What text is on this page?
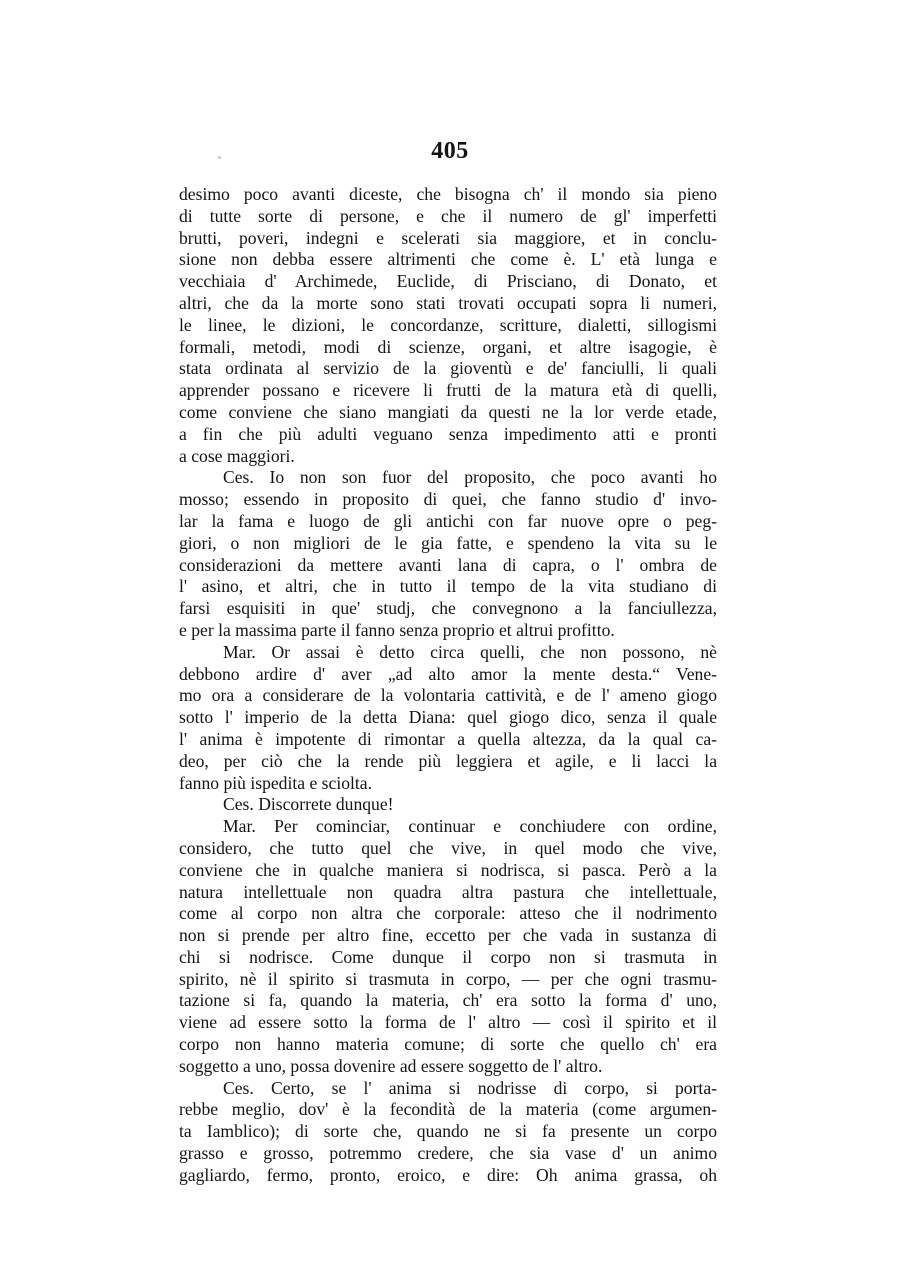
405
desimo poco avanti diceste, che bisogna ch' il mondo sia pieno
di tutte sorte di persone, e che il numero de gl' imperfetti
brutti, poveri, indegni e scelerati sia maggiore, et in conclu-
sione non debba essere altrimenti che come è. L' età lunga e
vecchiaia d' Archimede, Euclide, di Prisciano, di Donato, et
altri, che da la morte sono stati trovati occupati sopra li numeri,
le linee, le dizioni, le concordanze, scritture, dialetti, sillogismi
formali, metodi, modi di scienze, organi, et altre isagogie, è
stata ordinata al servizio de la gioventù e de' fanciulli, li quali
apprender possano e ricevere li frutti de la matura età di quelli,
come conviene che siano mangiati da questi ne la lor verde etade,
a fin che più adulti veguano senza impedimento atti e pronti
a cose maggiori.
Ces. Io non son fuor del proposito, che poco avanti ho
mosso; essendo in proposito di quei, che fanno studio d' invo-
lar la fama e luogo de gli antichi con far nuove opre o peg-
giori, o non migliori de le gia fatte, e spendeno la vita su le
considerazioni da mettere avanti lana di capra, o l' ombra de
l' asino, et altri, che in tutto il tempo de la vita studiano di
farsi esquisiti in que' studj, che convegnono a la fanciullezza,
e per la massima parte il fanno senza proprio et altrui profitto.
Mar. Or assai è detto circa quelli, che non possono, nè
debbono ardire d' aver „ad alto amor la mente desta.“ Vene-
mo ora a considerare de la volontaria cattività, e de l' ameno giogo
sotto l' imperio de la detta Diana: quel giogo dico, senza il quale
l' anima è impotente di rimontar a quella altezza, da la qual ca-
deo, per ciò che la rende più leggiera et agile, e li lacci la
fanno più ispedita e sciolta.
Ces. Discorrete dunque!
Mar. Per cominciar, continuar e conchiudere con ordine,
considero, che tutto quel che vive, in quel modo che vive,
conviene che in qualche maniera si nodrisca, si pasca. Però a la
natura intellettuale non quadra altra pastura che intellettuale,
come al corpo non altra che corporale: atteso che il nodrimento
non si prende per altro fine, eccetto per che vada in sustanza di
chi si nodrisce. Come dunque il corpo non si trasmuta in
spirito, nè il spirito si trasmuta in corpo, — per che ogni trasmu-
tazione si fa, quando la materia, ch' era sotto la forma d' uno,
viene ad essere sotto la forma de l' altro — così il spirito et il
corpo non hanno materia comune; di sorte che quello ch' era
soggetto a uno, possa dovenire ad essere soggetto de l' altro.
Ces. Certo, se l' anima si nodrisse di corpo, si porta-
rebbe meglio, dov' è la fecondità de la materia (come argumen-
ta Iamblico); di sorte che, quando ne si fa presente un corpo
grasso e grosso, potremmo credere, che sia vase d' un animo
gagliardo, fermo, pronto, eroico, e dire: Oh anima grassa, oh
